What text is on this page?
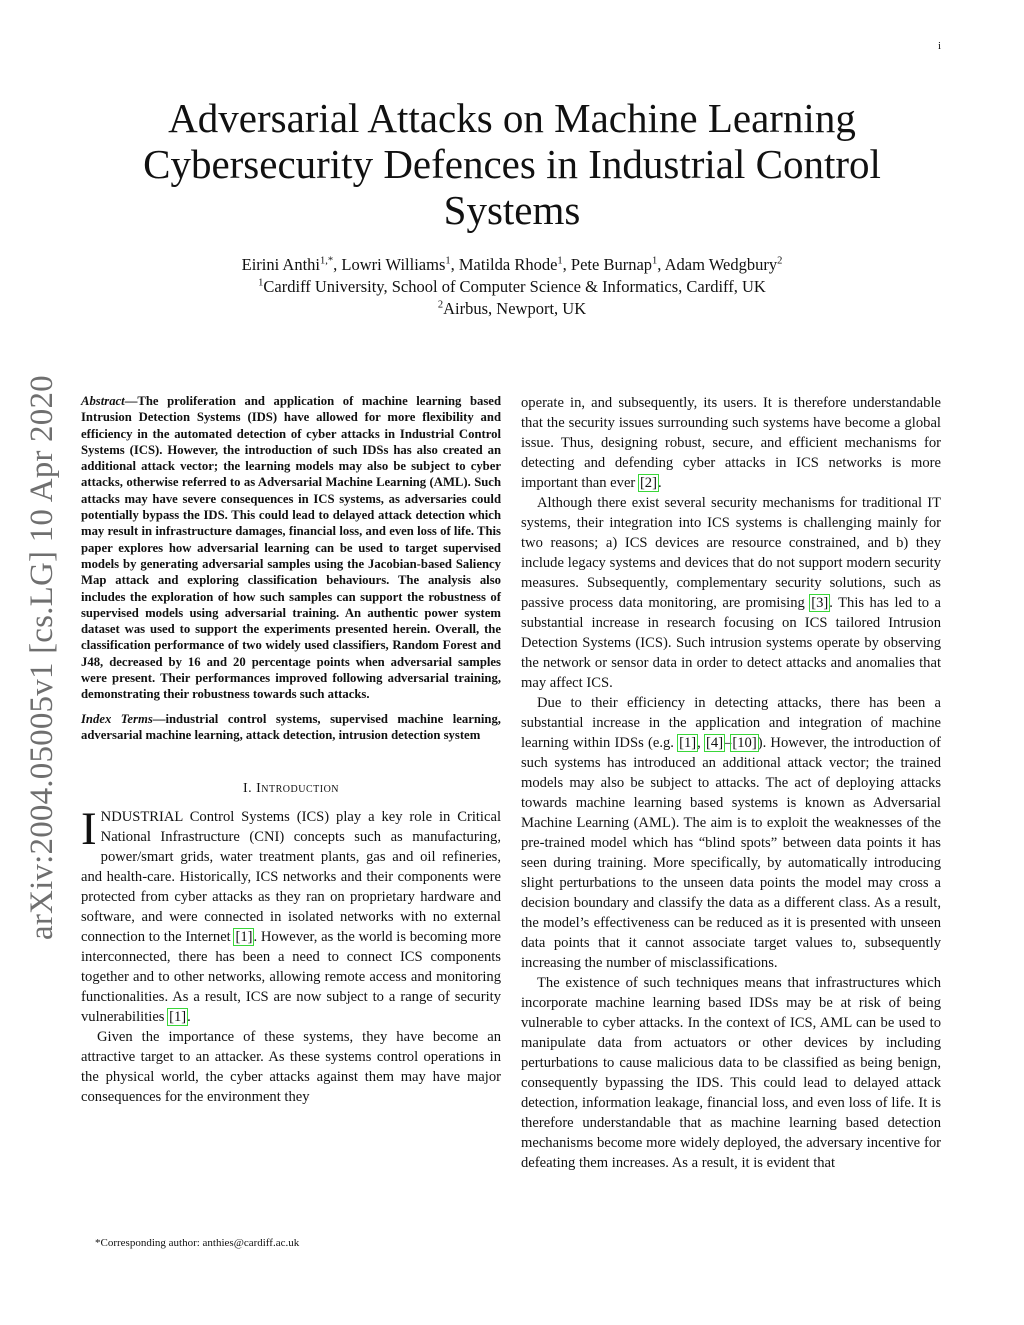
i
arXiv:2004.05005v1 [cs.LG] 10 Apr 2020
Adversarial Attacks on Machine Learning Cybersecurity Defences in Industrial Control Systems
Eirini Anthi$^{1,*}$, Lowri Williams$^1$, Matilda Rhode$^1$, Pete Burnap$^1$, Adam Wedgbury$^2$
$^1$Cardiff University, School of Computer Science & Informatics, Cardiff, UK
$^2$Airbus, Newport, UK
Abstract—The proliferation and application of machine learning based Intrusion Detection Systems (IDS) have allowed for more flexibility and efficiency in the automated detection of cyber attacks in Industrial Control Systems (ICS). However, the introduction of such IDSs has also created an additional attack vector; the learning models may also be subject to cyber attacks, otherwise referred to as Adversarial Machine Learning (AML). Such attacks may have severe consequences in ICS systems, as adversaries could potentially bypass the IDS. This could lead to delayed attack detection which may result in infrastructure damages, financial loss, and even loss of life. This paper explores how adversarial learning can be used to target supervised models by generating adversarial samples using the Jacobian-based Saliency Map attack and exploring classification behaviours. The analysis also includes the exploration of how such samples can support the robustness of supervised models using adversarial training. An authentic power system dataset was used to support the experiments presented herein. Overall, the classification performance of two widely used classifiers, Random Forest and J48, decreased by 16 and 20 percentage points when adversarial samples were present. Their performances improved following adversarial training, demonstrating their robustness towards such attacks.
Index Terms—industrial control systems, supervised machine learning, adversarial machine learning, attack detection, intrusion detection system
I. Introduction

INDUSTRIAL Control Systems (ICS) play a key role in Critical National Infrastructure (CNI) concepts such as manufacturing, power/smart grids, water treatment plants, gas and oil refineries, and health-care. Historically, ICS networks and their components were protected from cyber attacks as they ran on proprietary hardware and software, and were connected in isolated networks with no external connection to the Internet [1]. However, as the world is becoming more interconnected, there has been a need to connect ICS components together and to other networks, allowing remote access and monitoring functionalities. As a result, ICS are now subject to a range of security vulnerabilities [1].

Given the importance of these systems, they have become an attractive target to an attacker. As these systems control operations in the physical world, the cyber attacks against them may have major consequences for the environment they

operate in, and subsequently, its users. It is therefore understandable that the security issues surrounding such systems have become a global issue. Thus, designing robust, secure, and efficient mechanisms for detecting and defending cyber attacks in ICS networks is more important than ever [2].

Although there exist several security mechanisms for traditional IT systems, their integration into ICS systems is challenging mainly for two reasons; a) ICS devices are resource constrained, and b) they include legacy systems and devices that do not support modern security measures. Subsequently, complementary security solutions, such as passive process data monitoring, are promising [3]. This has led to a substantial increase in research focusing on ICS tailored Intrusion Detection Systems (ICS). Such intrusion systems operate by observing the network or sensor data in order to detect attacks and anomalies that may affect ICS.

Due to their efficiency in detecting attacks, there has been a substantial increase in the application and integration of machine learning within IDSs (e.g. [1], [4]–[10]). However, the introduction of such systems has introduced an additional attack vector; the trained models may also be subject to attacks. The act of deploying attacks towards machine learning based systems is known as Adversarial Machine Learning (AML). The aim is to exploit the weaknesses of the pre-trained model which has “blind spots” between data points it has seen during training. More specifically, by automatically introducing slight perturbations to the unseen data points the model may cross a decision boundary and classify the data as a different class. As a result, the model’s effectiveness can be reduced as it is presented with unseen data points that it cannot associate target values to, subsequently increasing the number of misclassifications.

The existence of such techniques means that infrastructures which incorporate machine learning based IDSs may be at risk of being vulnerable to cyber attacks. In the context of ICS, AML can be used to manipulate data from actuators or other devices by including perturbations to cause malicious data to be classified as being benign, consequently bypassing the IDS. This could lead to delayed attack detection, information leakage, financial loss, and even loss of life. It is therefore understandable that as machine learning based detection mechanisms become more widely deployed, the adversary incentive for defeating them increases. As a result, it is evident that

*Corresponding author: anthies@cardiff.ac.uk
